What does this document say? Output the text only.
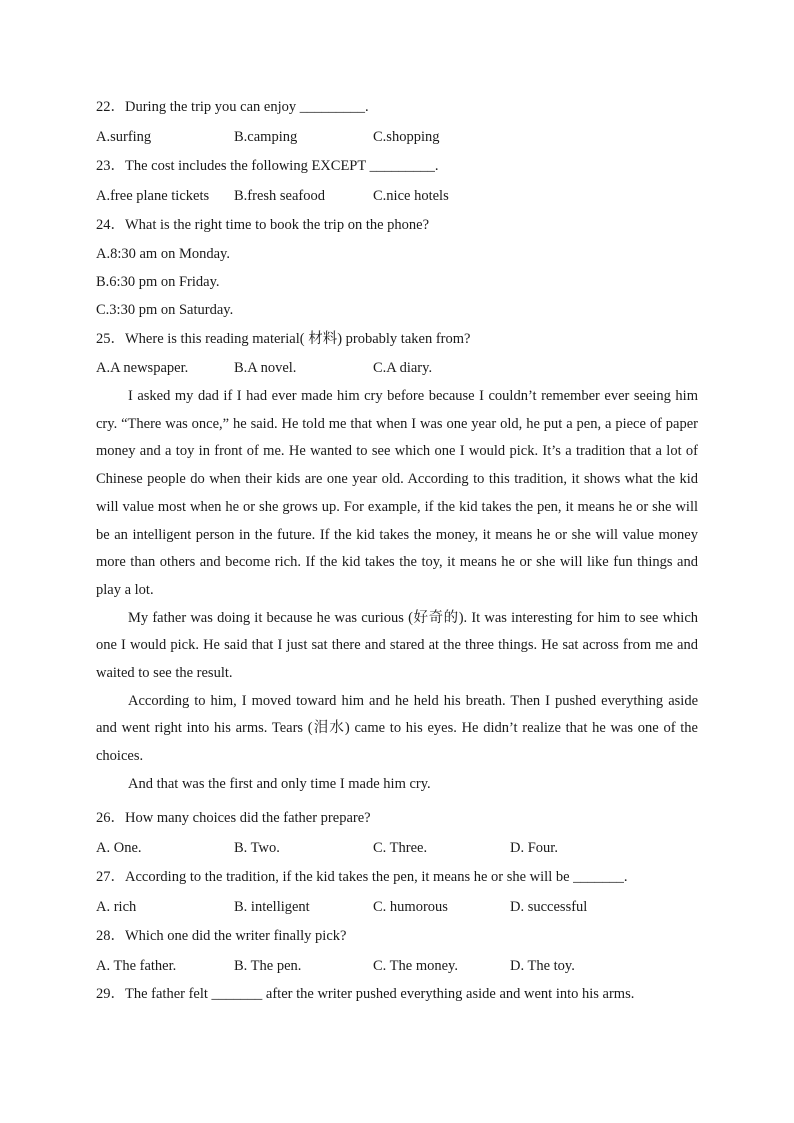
22．During the trip you can enjoy _________.
A.surfing	B.camping	C.shopping
23．The cost includes the following EXCEPT _________.
A.free plane tickets B.fresh seafood	C.nice hotels
24．What is the right time to book the trip on the phone?
A.8:30 am on Monday.
B.6:30 pm on Friday.
C.3:30 pm on Saturday.
25．Where is this reading material( 材料) probably taken from?
A.A newspaper.	B.A novel.	C.A diary.

I asked my dad if I had ever made him cry before because I couldn’t remember ever seeing him cry. “There was once,” he said. He told me that when I was one year old, he put a pen, a piece of paper money and a toy in front of me. He wanted to see which one I would pick. It’s a tradition that a lot of Chinese people do when their kids are one year old. According to this tradition, it shows what the kid will value most when he or she grows up. For example, if the kid takes the pen, it means he or she will be an intelligent person in the future. If the kid takes the money, it means he or she will value money more than others and become rich. If the kid takes the toy, it means he or she will like fun things and play a lot.

My father was doing it because he was curious (好奇的). It was interesting for him to see which one I would pick. He said that I just sat there and stared at the three things. He sat across from me and waited to see the result.

According to him, I moved toward him and he held his breath. Then I pushed everything aside and went right into his arms. Tears (泪水) came to his eyes. He didn’t realize that he was one of the choices.

And that was the first and only time I made him cry.

26．How many choices did the father prepare?
A. One.	B. Two.	C. Three.	D. Four.
27．According to the tradition, if the kid takes the pen, it means he or she will be _______.
A. rich	B. intelligent	C. humorous	D. successful
28．Which one did the writer finally pick?
A. The father.	B. The pen.	C. The money.	D. The toy.
29．The father felt _______ after the writer pushed everything aside and went into his arms.
